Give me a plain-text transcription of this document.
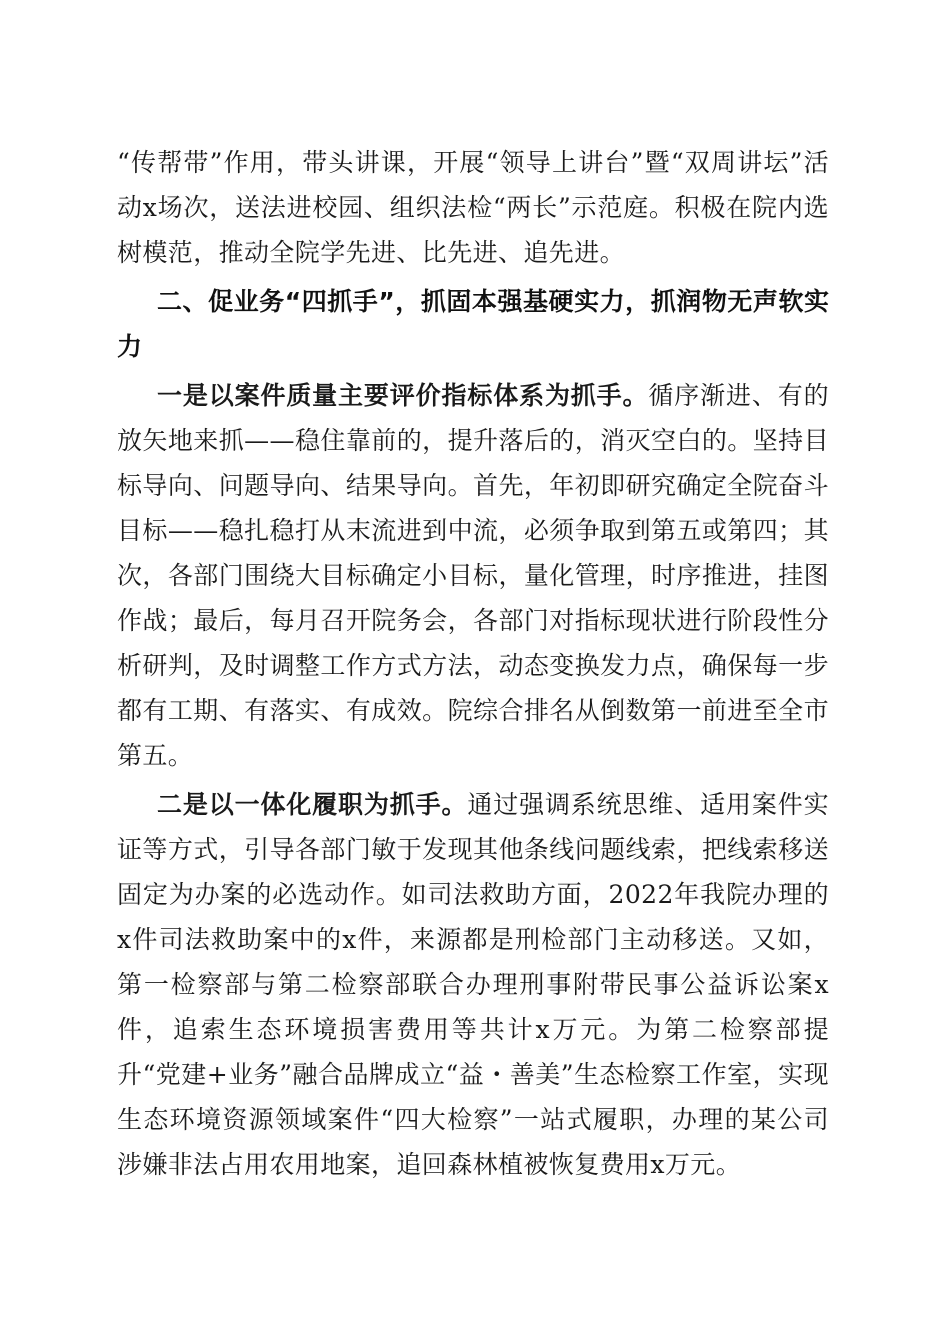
“传帮带”作用，带头讲课，开展“领导上讲台”暨“双周讲坛”活动x场次，送法进校园、组织法检“两长”示范庭。积极在院内选树模范，推动全院学先进、比先进、追先进。

二、促业务“四抓手”，抓固本强基硬实力，抓润物无声软实力

一是以案件质量主要评价指标体系为抓手。循序渐进、有的放矢地来抓——稳住靠前的，提升落后的，消灭空白的。坚持目标导向、问题导向、结果导向。首先，年初即研究确定全院奋斗目标——稳扎稳打从末流进到中流，必须争取到第五或第四；其次，各部门围绕大目标确定小目标，量化管理，时序推进，挂图作战；最后，每月召开院务会，各部门对指标现状进行阶段性分析研判，及时调整工作方式方法，动态变换发力点，确保每一步都有工期、有落实、有成效。院综合排名从倒数第一前进至全市第五。

二是以一体化履职为抓手。通过强调系统思维、适用案件实证等方式，引导各部门敏于发现其他条线问题线索，把线索移送固定为办案的必选动作。如司法救助方面，2022年我院办理的x件司法救助案中的x件，来源都是刑检部门主动移送。又如，第一检察部与第二检察部联合办理刑事附带民事公益诉讼案x件，追索生态环境损害费用等共计x万元。为第二检察部提升“党建+业务”融合品牌成立“益・善美”生态检察工作室，实现生态环境资源领域案件“四大检察”一站式履职，办理的某公司涉嫌非法占用农用地案，追回森林植被恢复费用x万元。
